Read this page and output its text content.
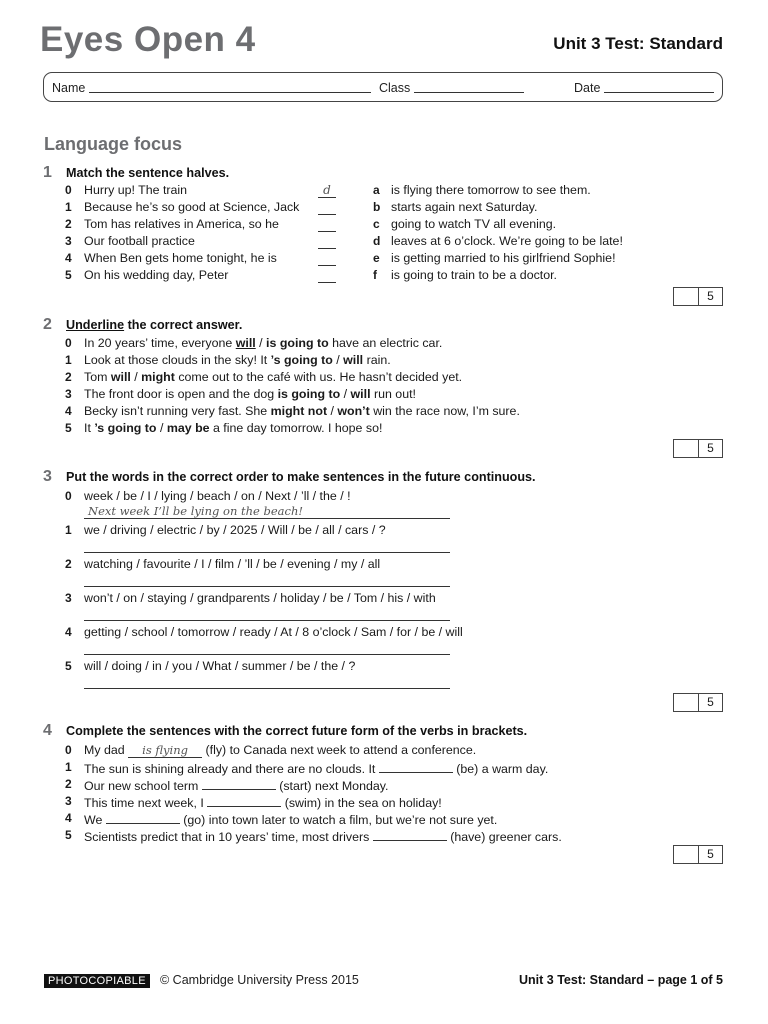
Eyes Open 4	Unit 3 Test: Standard
Name	Class	Date
Language focus
1 Match the sentence halves.
0 Hurry up! The train	d	a is flying there tomorrow to see them.
1 Because he’s so good at Science, Jack	b starts again next Saturday.
2 Tom has relatives in America, so he	c going to watch TV all evening.
3 Our football practice	d leaves at 6 o’clock. We’re going to be late!
4 When Ben gets home tonight, he is	e is getting married to his girlfriend Sophie!
5 On his wedding day, Peter	f is going to train to be a doctor.
5
2 Underline the correct answer.
0 In 20 years’ time, everyone will / is going to have an electric car.
1 Look at those clouds in the sky! It ’s going to / will rain.
2 Tom will / might come out to the café with us. He hasn’t decided yet.
3 The front door is open and the dog is going to / will run out!
4 Becky isn’t running very fast. She might not / won’t win the race now, I’m sure.
5 It ’s going to / may be a fine day tomorrow. I hope so!
5
3 Put the words in the correct order to make sentences in the future continuous.
0 week / be / I / lying / beach / on / Next / ’ll / the / !
Next week I’ll be lying on the beach!
1 we / driving / electric / by / 2025 / Will / be / all / cars / ?
2 watching / favourite / I / film / ’ll / be / evening / my / all
3 won’t / on / staying / grandparents / holiday / be / Tom / his / with
4 getting / school / tomorrow / ready / At / 8 o’clock / Sam / for / be / will
5 will / doing / in / you / What / summer / be / the / ?
5
4 Complete the sentences with the correct future form of the verbs in brackets.
0 My dad is flying (fly) to Canada next week to attend a conference.
1 The sun is shining already and there are no clouds. It	(be) a warm day.
2 Our new school term	(start) next Monday.
3 This time next week, I	(swim) in the sea on holiday!
4 We	(go) into town later to watch a film, but we’re not sure yet.
5 Scientists predict that in 10 years’ time, most drivers	(have) greener cars.
5
PHOTOCOPIABLE	© Cambridge University Press 2015	Unit 3 Test: Standard – page 1 of 5
